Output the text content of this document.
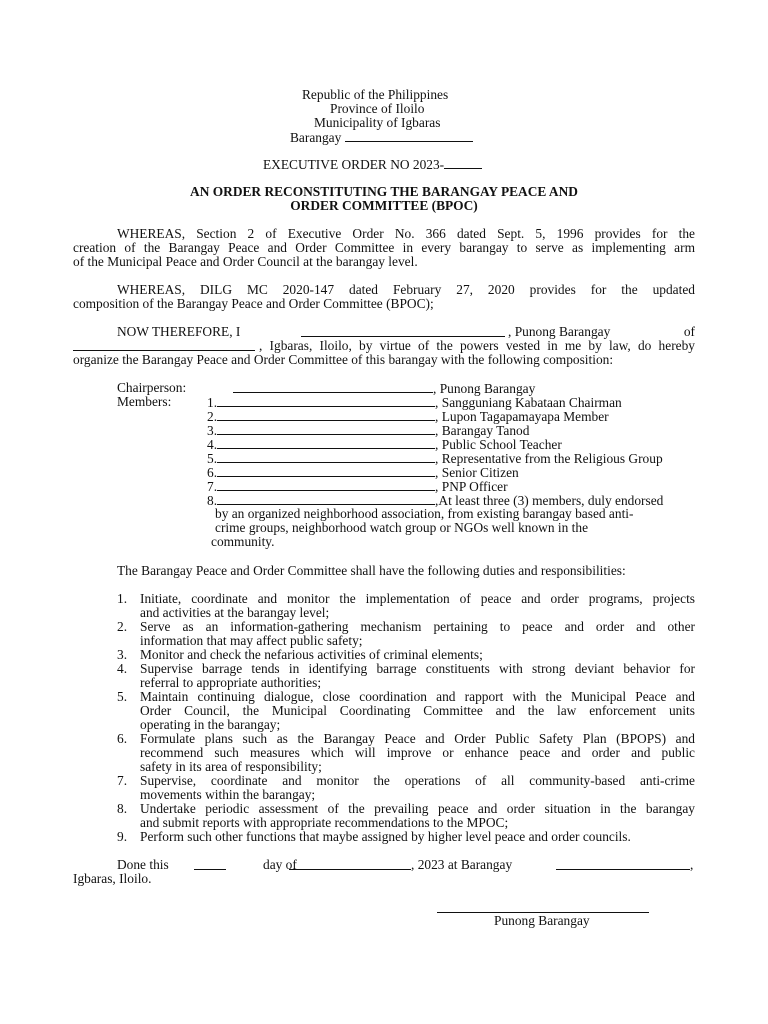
Republic of the Philippines
Province of Iloilo
Municipality of Igbaras
Barangay
EXECUTIVE ORDER NO 2023-
AN ORDER RECONSTITUTING THE BARANGAY PEACE AND
ORDER COMMITTEE (BPOC)
WHEREAS, Section 2 of Executive Order No. 366 dated Sept. 5, 1996 provides for the
creation of the Barangay Peace and Order Committee in every barangay to serve as implementing arm
of the Municipal Peace and Order Council at the barangay level.
WHEREAS, DILG MC 2020-147 dated February 27, 2020 provides for the updated
composition of the Barangay Peace and Order Committee (BPOC);
NOW THEREFORE, I	, Punong Barangay	of
, Igbaras, Iloilo, by virtue of the powers vested in me by law, do hereby
organize the Barangay Peace and Order Committee of this barangay with the following composition:
Chairperson:	, Punong Barangay
Members:
by an organized neighborhood association, from existing barangay based anti-
crime groups, neighborhood watch group or NGOs well known in the
community.
The Barangay Peace and Order Committee shall have the following duties and responsibilities:
Done this	day of	, 2023 at Barangay	,
Igbaras, Iloilo.
Punong Barangay
1.	, Sangguniang Kabataan Chairman
2.	, Lupon Tagapamayapa Member
3.	, Barangay Tanod
4.	, Public School Teacher
5.	, Representative from the Religious Group
6.	, Senior Citizen
7.	, PNP Officer
8.	,At least three (3) members, duly endorsed
1. Initiate, coordinate and monitor the implementation of peace and order programs, projects
and activities at the barangay level;
2. Serve as an information-gathering mechanism pertaining to peace and order and other
information that may affect public safety;
3. Monitor and check the nefarious activities of criminal elements;
4. Supervise barrage tends in identifying barrage constituents with strong deviant behavior for
referral to appropriate authorities;
5. Maintain continuing dialogue, close coordination and rapport with the Municipal Peace and
Order Council, the Municipal Coordinating Committee and the law enforcement units
operating in the barangay;
6. Formulate plans such as the Barangay Peace and Order Public Safety Plan (BPOPS) and
recommend such measures which will improve or enhance peace and order and public
safety in its area of responsibility;
7. Supervise, coordinate and monitor the operations of all community-based anti-crime
movements within the barangay;
8. Undertake periodic assessment of the prevailing peace and order situation in the barangay
and submit reports with appropriate recommendations to the MPOC;
9. Perform such other functions that maybe assigned by higher level peace and order councils.
